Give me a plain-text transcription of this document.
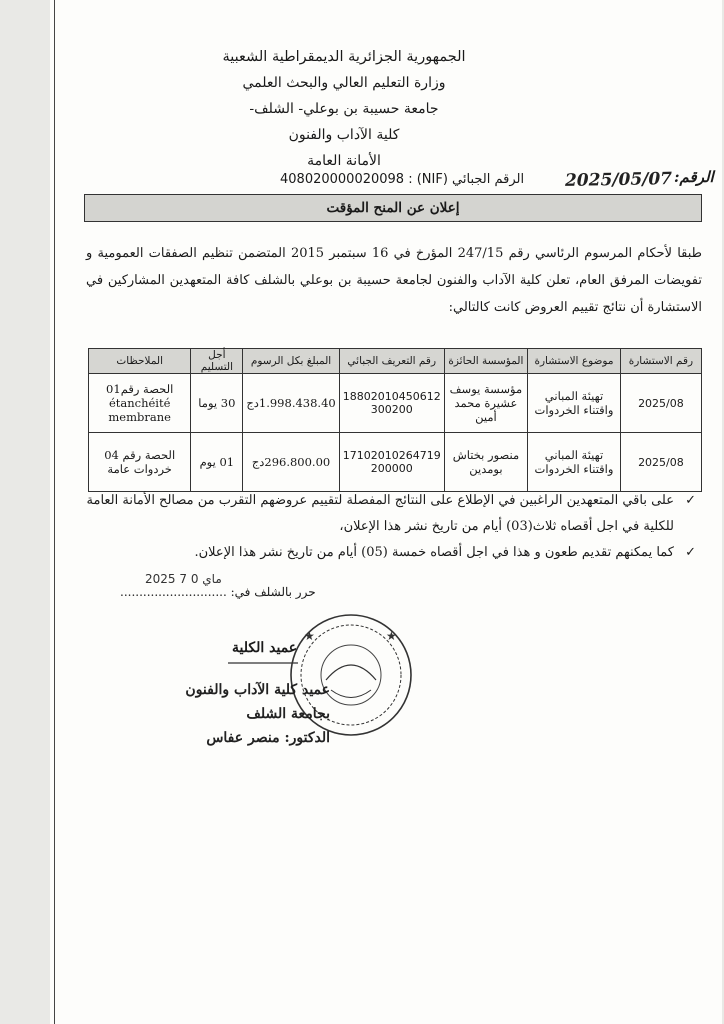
الجمهورية الجزائرية الديمقراطية الشعبية
وزارة التعليم العالي والبحث العلمي
جامعة حسيبة بن بوعلي- الشلف-
كلية الآداب والفنون
الأمانة العامة
الرقم الجبائي (NIF) : 408020000020098 2025/05/07 الرقم:
إعلان عن المنح المؤقت
طبقا لأحكام المرسوم الرئاسي رقم 247/15 المؤرخ في 16 سبتمبر 2015 المتضمن تنظيم الصفقات العمومية و تفويضات المرفق العام، تعلن كلية الآداب والفنون لجامعة حسيبة بن بوعلي بالشلف كافة المتعهدين المشاركين في الاستشارة أن نتائج تقييم العروض كانت كالتالي:
رقم الاستشارة	موضوع الاستشارة	المؤسسة الحائزة	رقم التعريف الجبائي	المبلغ بكل الرسوم	أجل التسليم	الملاحظات
2025/08	تهيئة المباني واقتناء الخردوات	مؤسسة يوسف عشيرة محمد أمين	18802010450612 300200	1.998.438.40دج	30 يوما	الحصة رقم01 étanchéité membrane
2025/08	تهيئة المباني واقتناء الخردوات	منصور بختاش بومدين	17102010264719 200000	296.800.00دج	01 يوم	الحصة رقم 04 خردوات عامة
✓
على باقي المتعهدين الراغبين في الإطلاع على النتائج المفصلة لتقييم عروضهم التقرب من مصالح الأمانة العامة للكلية في اجل أقصاه ثلاث(03) أيام من تاريخ نشر هذا الإعلان،
✓
كما يمكنهم تقديم طعون و هذا في اجل أقصاه خمسة (05) أيام من تاريخ نشر هذا الإعلان.
2025 ماي 0 7
حرر بالشلف في: ............................
عميد الكلية
★	★
عميد كلية الآداب والفنون
بجامعة الشلف
الدكتور: منصر عفاس
